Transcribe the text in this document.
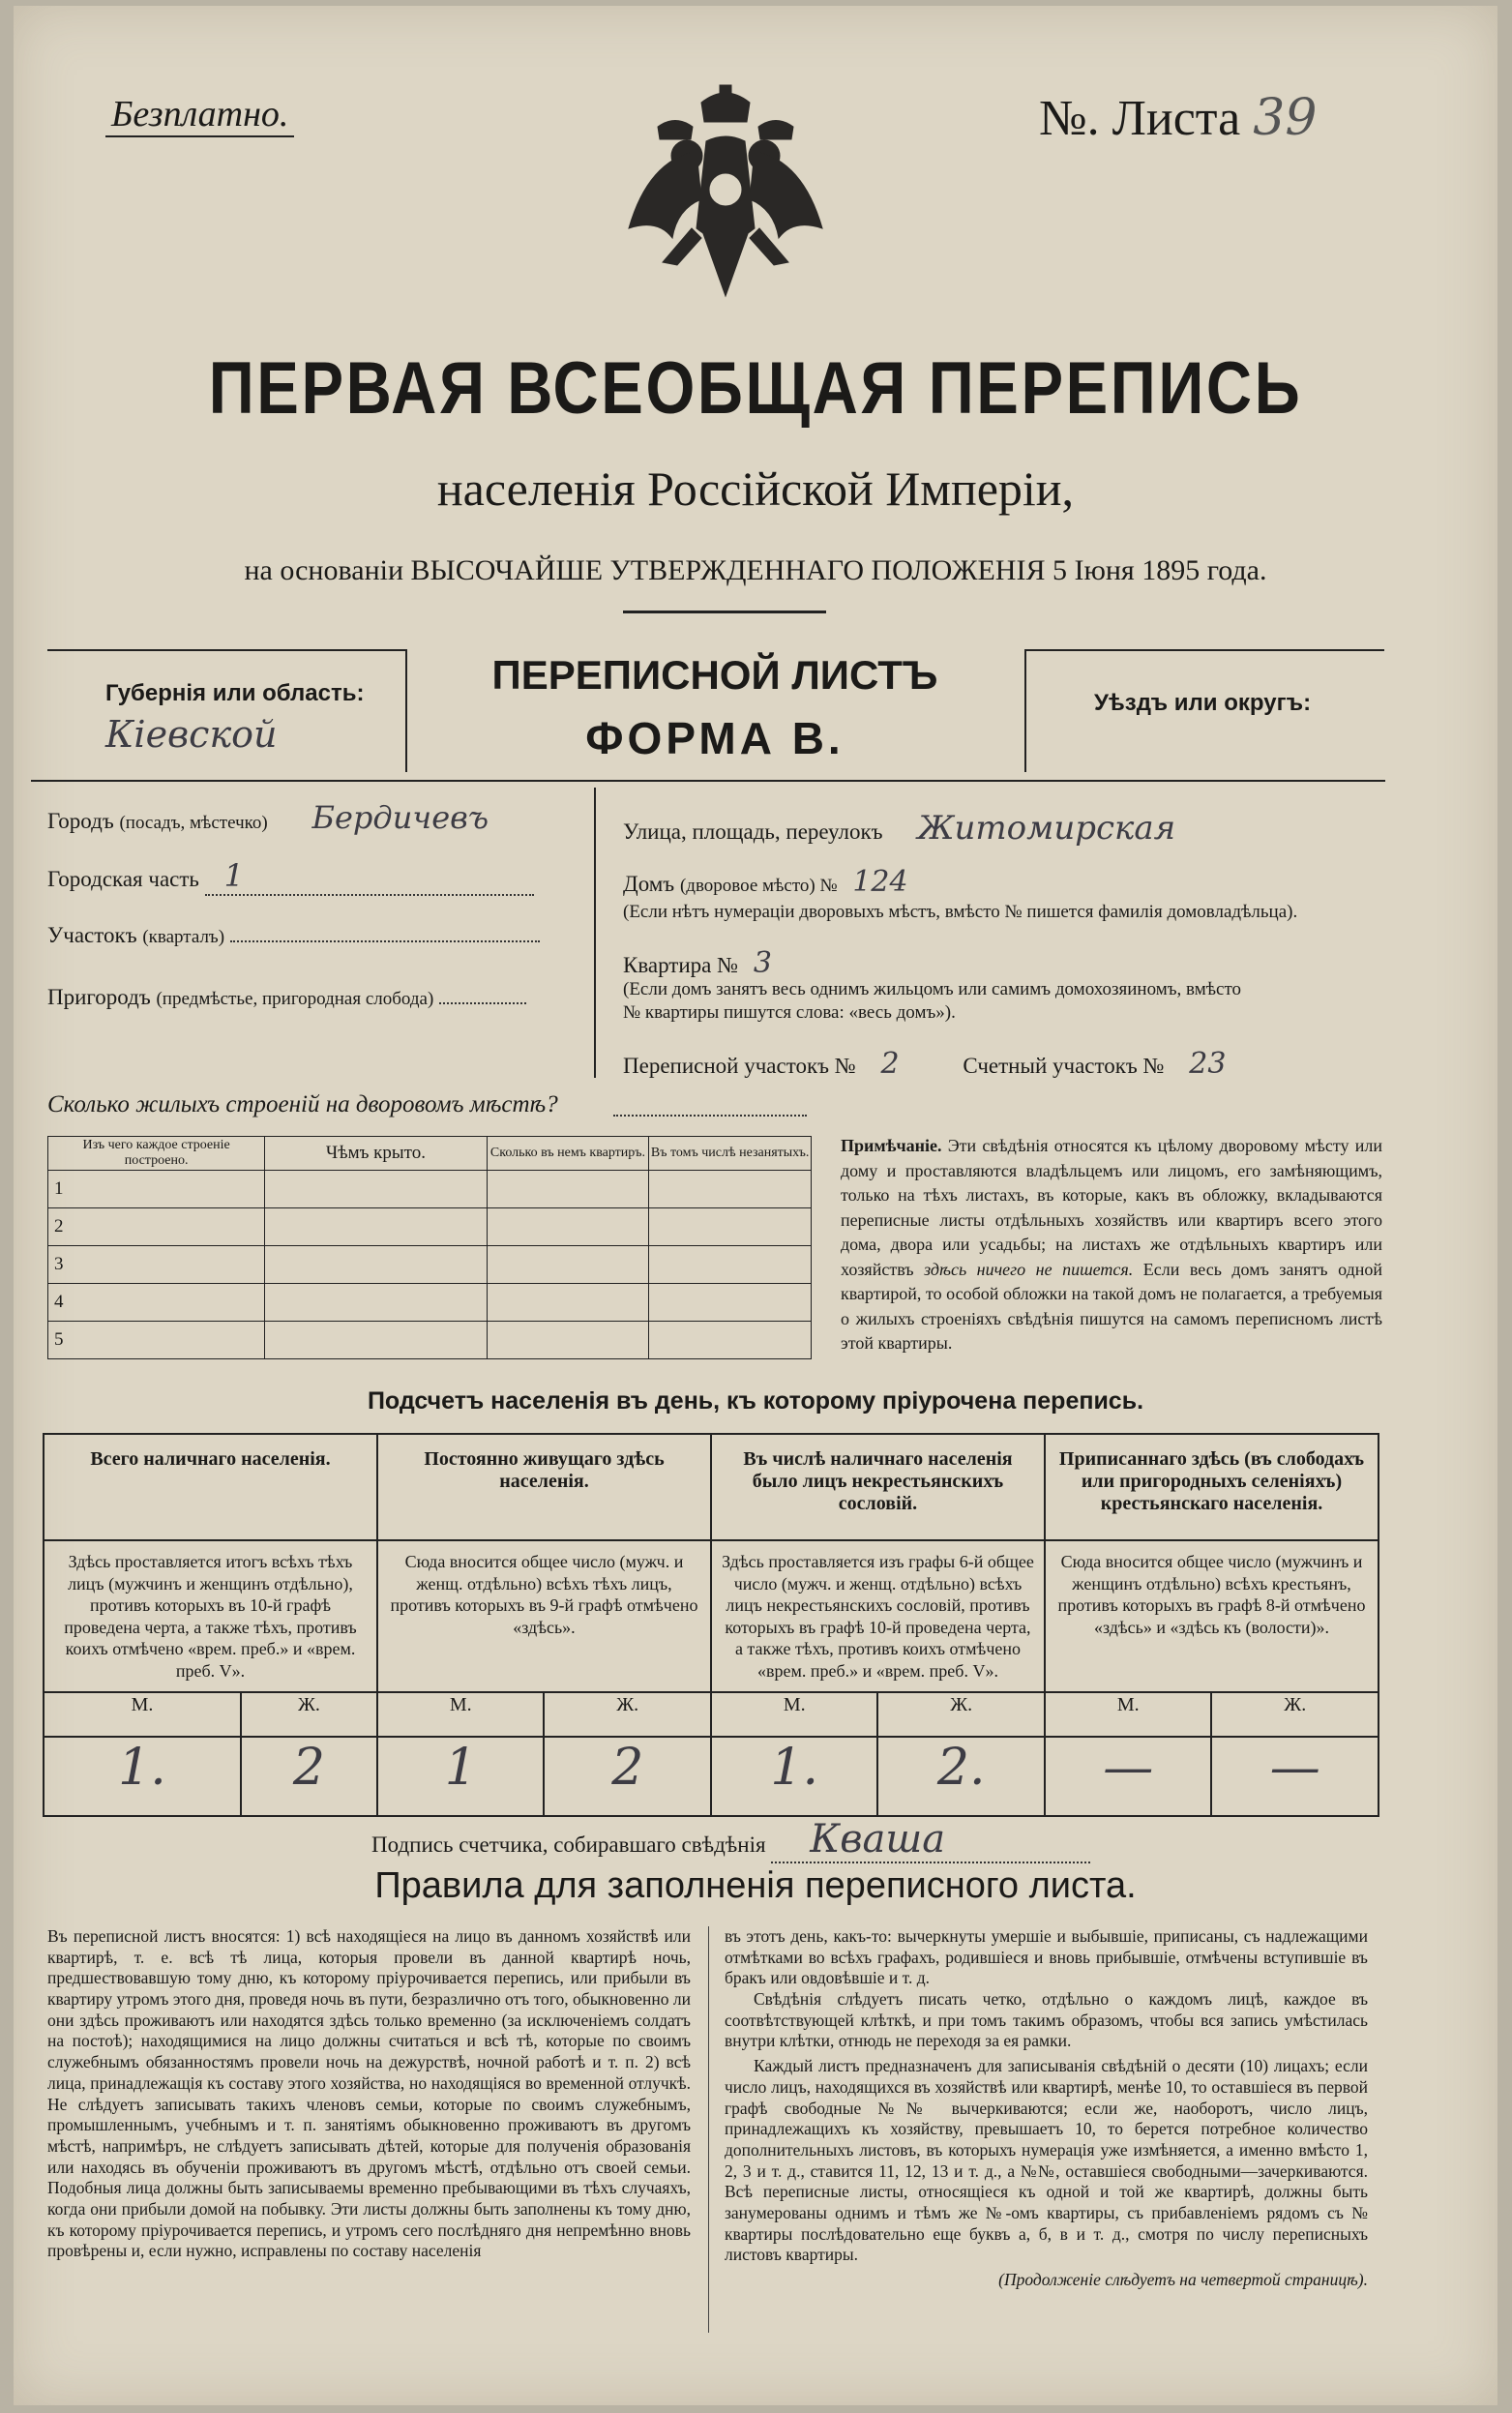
Безплатно.	№. Листа 39
ПЕРВАЯ ВСЕОБЩАЯ ПЕРЕПИСЬ
населенія Россійской Имперіи,
на основаніи ВЫСОЧАЙШЕ УТВЕРЖДЕННАГО ПОЛОЖЕНІЯ 5 Іюня 1895 года.
Губернія или область:
Кіевской
ПЕРЕПИСНОЙ ЛИСТЪ
ФОРМА В.
Уѣздъ или округъ:
Городъ (посадъ, мѣстечко) Бердичевъ
Городская часть 1
Участокъ (кварталъ)
Пригородъ (предмѣстье, пригородная слобода)
Улица, площадь, переулокъ Житомирская
Домъ (дворовое мѣсто) № 124
(Если нѣтъ нумераціи дворовыхъ мѣстъ, вмѣсто № пишется фамилія домовладѣльца).
Квартира № 3
(Если домъ занятъ весь однимъ жильцомъ или самимъ домохозяиномъ, вмѣсто
№ квартиры пишутся слова: «весь домъ»).
Переписной участокъ № 2	Счетный участокъ № 23
Сколько жилыхъ строеній на дворовомъ мѣстѣ?
Изъ чего каждое строеніе построено.	Чѣмъ крыто.	Сколько въ немъ квартиръ.	Въ томъ числѣ незанятыхъ.
1			
2			
3			
4			
5			
Примѣчаніе. Эти свѣдѣнія относятся къ цѣлому дворовому мѣсту или дому и проставляются владѣльцемъ или лицомъ, его замѣняющимъ, только на тѣхъ листахъ, въ которые, какъ въ обложку, вкладываются переписные листы отдѣльныхъ хозяйствъ или квартиръ всего этого дома, двора или усадьбы; на листахъ же отдѣльныхъ квартиръ или хозяйствъ здѣсь ничего не пишется. Если весь домъ занятъ одной квартирой, то особой обложки на такой домъ не полагается, а требуемыя о жилыхъ строеніяхъ свѣдѣнія пишутся на самомъ переписномъ листѣ этой квартиры.
Подсчетъ населенія въ день, къ которому пріурочена перепись.
Всего наличнаго населенія.		Постоянно живущаго здѣсь населенія.		Въ числѣ наличнаго населенія было лицъ некрестьянскихъ сословій.		Приписаннаго здѣсь (въ слободахъ или пригородныхъ селеніяхъ) крестьянскаго населенія.	
Здѣсь проставляется итогъ всѣхъ тѣхъ лицъ (мужчинъ и женщинъ отдѣльно), противъ которыхъ въ 10-й графѣ проведена черта, а также тѣхъ, противъ коихъ отмѣчено «врем. преб.» и «врем. преб. V».		Сюда вносится общее число (мужч. и женщ. отдѣльно) всѣхъ тѣхъ лицъ, противъ которыхъ въ 9-й графѣ отмѣчено «здѣсь».		Здѣсь проставляется изъ графы 6-й общее число (мужч. и женщ. отдѣльно) всѣхъ лицъ некрестьянскихъ сословій, противъ которыхъ въ графѣ 10-й проведена черта, а также тѣхъ, противъ коихъ отмѣчено «врем. преб.» и «врем. преб. V».		Сюда вносится общее число (мужчинъ и женщинъ отдѣльно) всѣхъ крестьянъ, противъ которыхъ въ графѣ 8-й отмѣчено «здѣсь» и «здѣсь къ (волости)».	
М.	Ж.	М.	Ж.	М.	Ж.	М.	Ж.
1.	2	1	2	1.	2.	—	—
Подпись счетчика, собиравшаго свѣдѣнія Кваша
Правила для заполненія переписного листа.
Въ переписной листъ вносятся: 1) всѣ находящіеся на лицо въ данномъ хозяйствѣ или квартирѣ, т. е. всѣ тѣ лица, которыя провели въ данной квартирѣ ночь, предшествовавшую тому дню, къ которому пріурочивается перепись, или прибыли въ квартиру утромъ этого дня, проведя ночь въ пути, безразлично отъ того, обыкновенно ли они здѣсь проживаютъ или находятся здѣсь только временно (за исключеніемъ солдатъ на постоѣ); находящимися на лицо должны считаться и всѣ тѣ, которые по своимъ служебнымъ обязанностямъ провели ночь на дежурствѣ, ночной работѣ и т. п. 2) всѣ лица, принадлежащія къ составу этого хозяйства, но находящіяся во временной отлучкѣ. Не слѣдуетъ записывать такихъ членовъ семьи, которые по своимъ служебнымъ, промышленнымъ, учебнымъ и т. п. занятіямъ обыкновенно проживаютъ въ другомъ мѣстѣ, напримѣръ, не слѣдуетъ записывать дѣтей, которые для полученія образованія или находясь въ обученіи проживаютъ въ другомъ мѣстѣ, отдѣльно отъ своей семьи. Подобныя лица должны быть записываемы временно пребывающими въ тѣхъ случаяхъ, когда они прибыли домой на побывку. Эти листы должны быть заполнены къ тому дню, къ которому пріурочивается перепись, и утромъ сего послѣдняго дня непремѣнно вновь провѣрены и, если нужно, исправлены по составу населенія
въ этотъ день, какъ-то: вычеркнуты умершіе и выбывшіе, приписаны, съ надлежащими отмѣтками во всѣхъ графахъ, родившіеся и вновь прибывшіе, отмѣчены вступившіе въ бракъ или овдовѣвшіе и т. д.
Свѣдѣнія слѣдуетъ писать четко, отдѣльно о каждомъ лицѣ, каждое въ соотвѣтствующей клѣткѣ, и при томъ такимъ образомъ, чтобы вся запись умѣстилась внутри клѣтки, отнюдь не переходя за ея рамки.
Каждый листъ предназначенъ для записыванія свѣдѣній о десяти (10) лицахъ; если число лицъ, находящихся въ хозяйствѣ или квартирѣ, менѣе 10, то оставшіеся въ первой графѣ свободные №№ вычеркиваются; если же, наоборотъ, число лицъ, принадлежащихъ къ хозяйству, превышаетъ 10, то берется потребное количество дополнительныхъ листовъ, въ которыхъ нумерація уже измѣняется, а именно вмѣсто 1, 2, 3 и т. д., ставится 11, 12, 13 и т. д., а №№, оставшіеся свободными—зачеркиваются. Всѣ переписные листы, относящіеся къ одной и той же квартирѣ, должны быть занумерованы однимъ и тѣмъ же №-омъ квартиры, съ прибавленіемъ рядомъ съ № квартиры послѣдовательно еще буквъ а, б, в и т. д., смотря по числу переписныхъ листовъ квартиры.
(Продолженіе слѣдуетъ на четвертой страницѣ).
